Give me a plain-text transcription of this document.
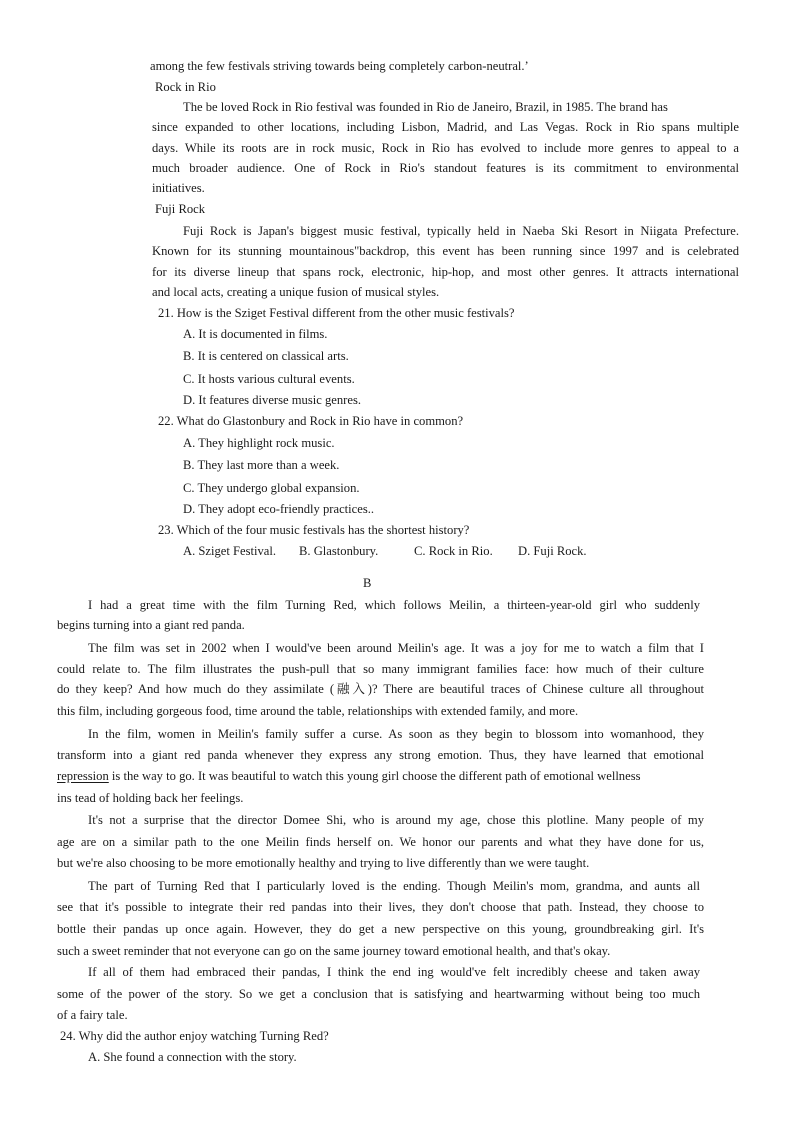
among the few festivals striving towards being completely carbon-neutral.’
Rock in Rio
The be loved Rock in Rio festival was founded in Rio de Janeiro, Brazil, in 1985. The brand has
since expanded to other locations, including Lisbon, Madrid, and Las Vegas. Rock in Rio spans multiple
days. While its roots are in rock music, Rock in Rio has evolved to include more genres to appeal to a
much broader audience. One of Rock in Rio's standout features is its commitment to environmental
initiatives.
Fuji Rock
Fuji Rock is Japan's biggest music festival, typically held in Naeba Ski Resort in Niigata Prefecture.
Known for its stunning mountainous"backdrop, this event has been running since 1997 and is celebrated
for its diverse lineup that spans rock, electronic, hip-hop, and most other genres. It attracts international
and local acts, creating a unique fusion of musical styles.
21. How is the Sziget Festival different from the other music festivals?
A. It is documented in films.
B. It is centered on classical arts.
C. It hosts various cultural events.
D. It features diverse music genres.
22. What do Glastonbury and Rock in Rio have in common?
A. They highlight rock music.
B. They last more than a week.
C. They undergo global expansion.
D. They adopt eco-friendly practices..
23. Which of the four music festivals has the shortest history?
A. Sziget Festival. B. Glastonbury.	C. Rock in Rio. D. Fuji Rock.
B
I had a great time with the film Turning Red, which follows Meilin, a thirteen-year-old girl who suddenly
begins turning into a giant red panda.
The film was set in 2002 when I would've been around Meilin's age. It was a joy for me to watch a film that I
could relate to. The film illustrates the push-pull that so many immigrant families face: how much of their culture
do they keep? And how much do they assimilate (融入)? There are beautiful traces of Chinese culture all throughout
this film, including gorgeous food, time around the table, relationships with extended family, and more.
In the film, women in Meilin's family suffer a curse. As soon as they begin to blossom into womanhood, they
transform into a giant red panda whenever they express any strong emotion. Thus, they have learned that emotional
repression is the way to go. It was beautiful to watch this young girl choose the different path of emotional wellness
ins tead of holding back her feelings.
It's not a surprise that the director Domee Shi, who is around my age, chose this plotline. Many people of my
age are on a similar path to the one Meilin finds herself on. We honor our parents and what they have done for us,
but we're also choosing to be more emotionally healthy and trying to live differently than we were taught.
The part of Turning Red that I particularly loved is the ending. Though Meilin's mom, grandma, and aunts all
see that it's possible to integrate their red pandas into their lives, they don't choose that path. Instead, they choose to
bottle their pandas up once again. However, they do get a new perspective on this young, groundbreaking girl. It's
such a sweet reminder that not everyone can go on the same journey toward emotional health, and that's okay.
If all of them had embraced their pandas, I think the end ing would've felt incredibly cheese and taken away
some of the power of the story. So we get a conclusion that is satisfying and heartwarming without being too much
of a fairy tale.
24. Why did the author enjoy watching Turning Red?
A. She found a connection with the story.
